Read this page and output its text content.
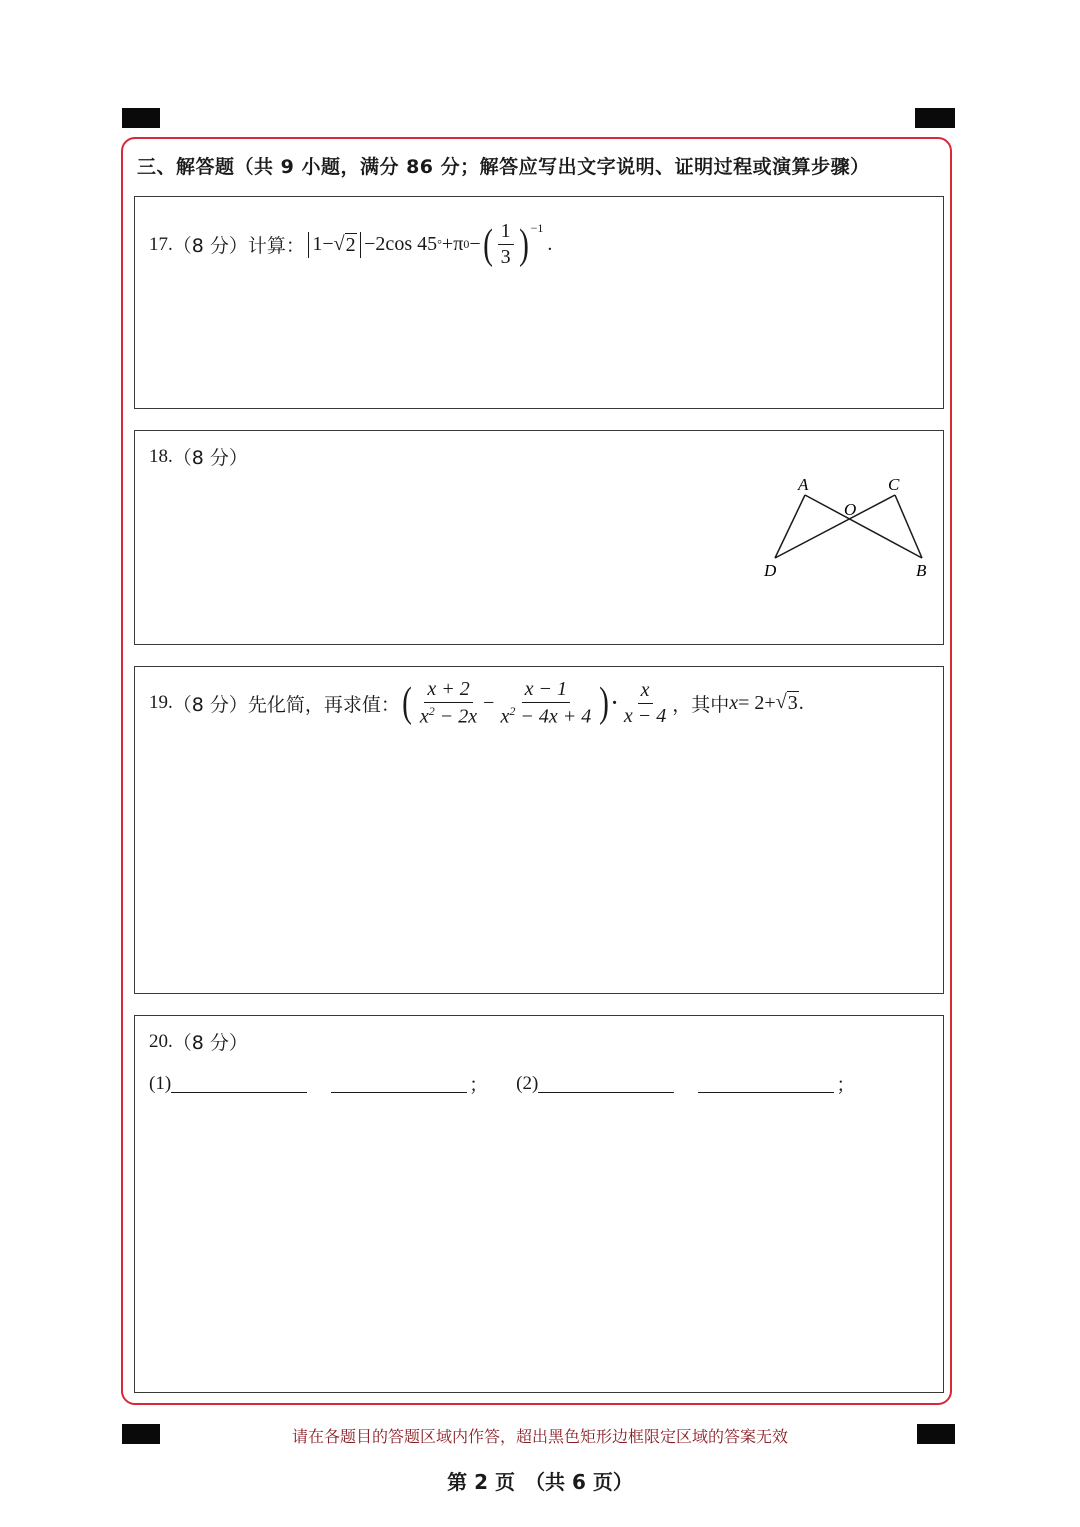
三、解答题（共 9 小题，满分 86 分；解答应写出文字说明、证明过程或演算步骤）
17. （8 分）计算： 1 − √ 2 −2cos 45 ° +π 0 − ( $\frac{1}{3} )^{-1}$
.
18. （8 分）
A	C
O
D	B
19. （8 分）先化简，再求值： ( $\frac{x + 2}{x^2 - 2x} - \frac{x - 1}{x^2 - 4x + 4}$ ) · $\frac{x}{x - 4}$ ，其中 x = 2+ √ 3 .
20. （8 分）
(1)	； (2)	；
请在各题目的答题区域内作答，超出黑色矩形边框限定区域的答案无效
第 2 页　（共 6 页）
